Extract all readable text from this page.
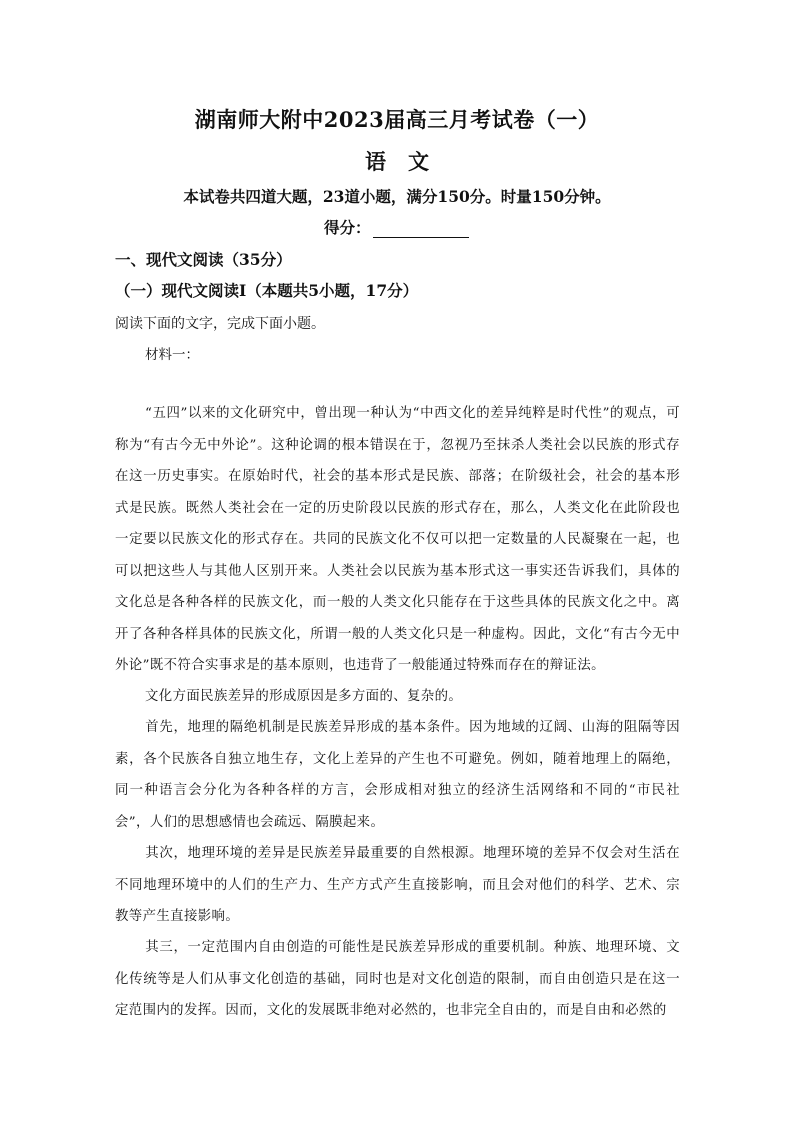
湖南师大附中2023届高三月考试卷（一）
语文
本试卷共四道大题，23道小题，满分150分。时量150分钟。
得分：
一、现代文阅读（35分）
（一）现代文阅读Ⅰ（本题共5小题，17分）
阅读下面的文字，完成下面小题。
材料一：
“五四”以来的文化研究中，曾出现一种认为“中西文化的差异纯粹是时代性”的观点，可称为“有古今无中外论”。这种论调的根本错误在于，忽视乃至抹杀人类社会以民族的形式存在这一历史事实。在原始时代，社会的基本形式是民族、部落；在阶级社会，社会的基本形式是民族。既然人类社会在一定的历史阶段以民族的形式存在，那么，人类文化在此阶段也一定要以民族文化的形式存在。共同的民族文化不仅可以把一定数量的人民凝聚在一起，也可以把这些人与其他人区别开来。人类社会以民族为基本形式这一事实还告诉我们，具体的文化总是各种各样的民族文化，而一般的人类文化只能存在于这些具体的民族文化之中。离开了各种各样具体的民族文化，所谓一般的人类文化只是一种虚构。因此，文化“有古今无中外论”既不符合实事求是的基本原则，也违背了一般能通过特殊而存在的辩证法。
文化方面民族差异的形成原因是多方面的、复杂的。
首先，地理的隔绝机制是民族差异形成的基本条件。因为地域的辽阔、山海的阻隔等因素，各个民族各自独立地生存，文化上差异的产生也不可避免。例如，随着地理上的隔绝，同一种语言会分化为各种各样的方言，会形成相对独立的经济生活网络和不同的“市民社会”，人们的思想感情也会疏远、隔膜起来。
其次，地理环境的差异是民族差异最重要的自然根源。地理环境的差异不仅会对生活在不同地理环境中的人们的生产力、生产方式产生直接影响，而且会对他们的科学、艺术、宗教等产生直接影响。
其三，一定范围内自由创造的可能性是民族差异形成的重要机制。种族、地理环境、文化传统等是人们从事文化创造的基础，同时也是对文化创造的限制，而自由创造只是在这一定范围内的发挥。因而，文化的发展既非绝对必然的，也非完全自由的，而是自由和必然的
